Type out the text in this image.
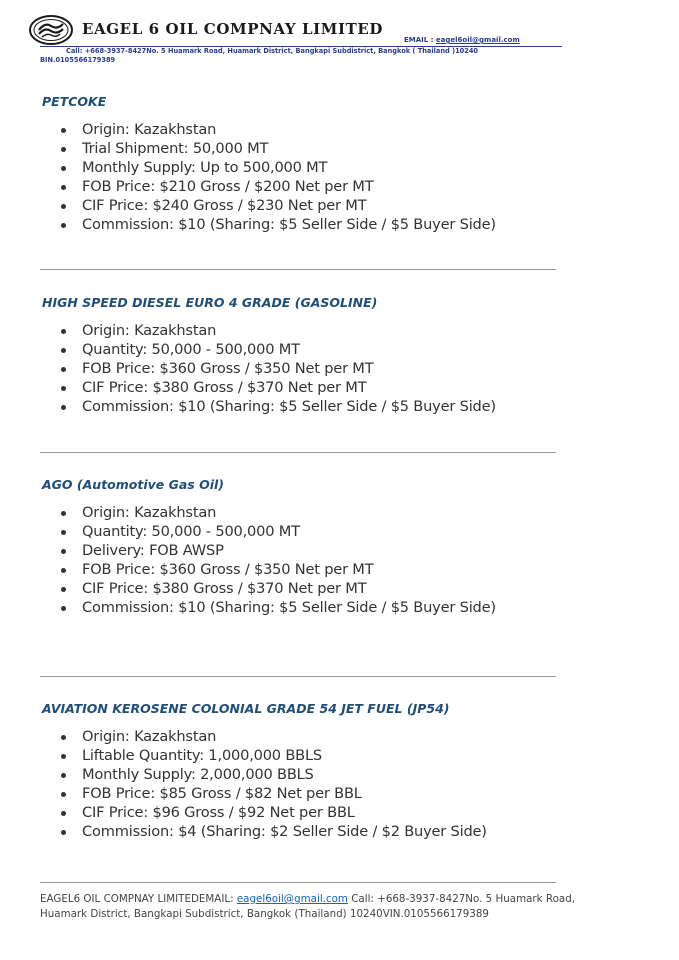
EAGEL 6 OIL COMPNAY LIMITED
EMAIL : eagel6oil@gmail.com
Call: +668-3937-8427No. 5 Huamark Road, Huamark District, Bangkapi Subdistrict, Bangkok ( Thailand )10240
BIN.0105566179389
PETCOKE
Origin: Kazakhstan
Trial Shipment: 50,000 MT
Monthly Supply: Up to 500,000 MT
FOB Price: $210 Gross / $200 Net per MT
CIF Price: $240 Gross / $230 Net per MT
Commission: $10 (Sharing: $5 Seller Side / $5 Buyer Side)
HIGH SPEED DIESEL EURO 4 GRADE (GASOLINE)
Origin: Kazakhstan
Quantity: 50,000 - 500,000 MT
FOB Price: $360 Gross / $350 Net per MT
CIF Price: $380 Gross / $370 Net per MT
Commission: $10 (Sharing: $5 Seller Side / $5 Buyer Side)
AGO (Automotive Gas Oil)
Origin: Kazakhstan
Quantity: 50,000 - 500,000 MT
Delivery: FOB AWSP
FOB Price: $360 Gross / $350 Net per MT
CIF Price: $380 Gross / $370 Net per MT
Commission: $10 (Sharing: $5 Seller Side / $5 Buyer Side)
AVIATION KEROSENE COLONIAL GRADE 54 JET FUEL (JP54)
Origin: Kazakhstan
Liftable Quantity: 1,000,000 BBLS
Monthly Supply: 2,000,000 BBLS
FOB Price: $85 Gross / $82 Net per BBL
CIF Price: $96 Gross / $92 Net per BBL
Commission: $4 (Sharing: $2 Seller Side / $2 Buyer Side)
EAGEL6 OIL COMPNAY LIMITEDEMAIL: eagel6oil@gmail.com Call: +668-3937-8427No. 5 Huamark Road,
Huamark District, Bangkapi Subdistrict, Bangkok (Thailand) 10240VIN.0105566179389
